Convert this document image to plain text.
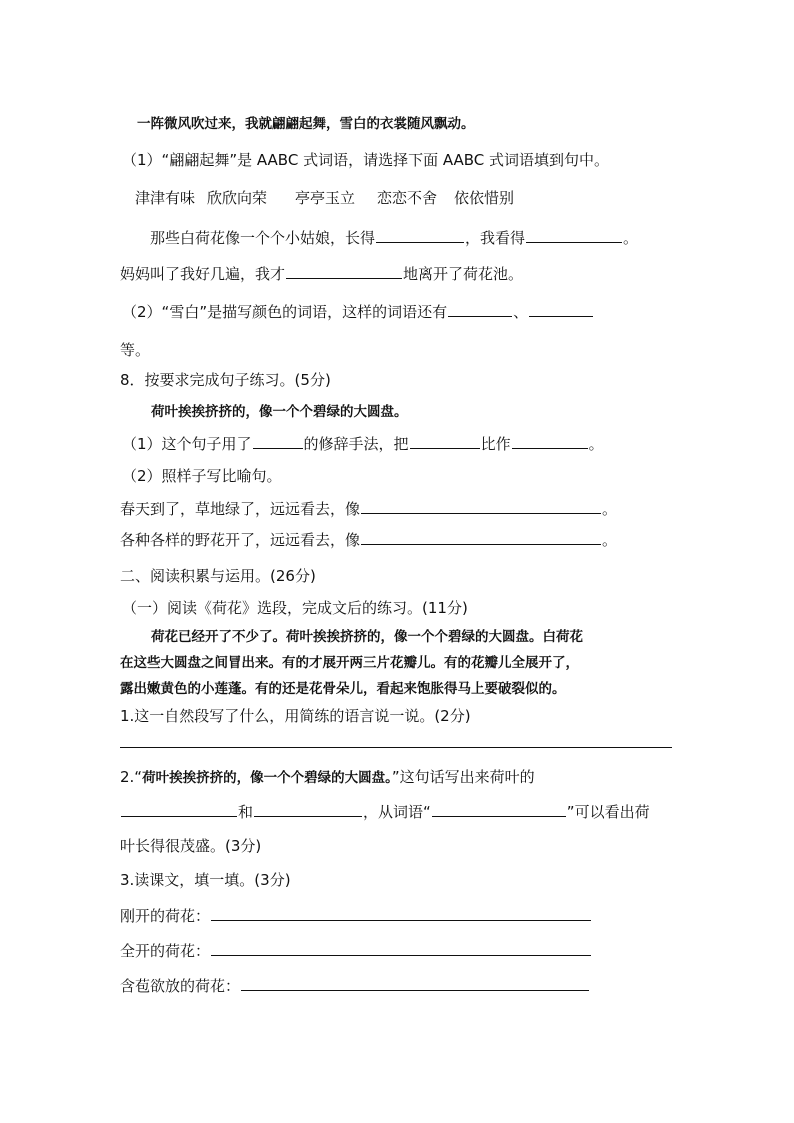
一阵微风吹过来，我就翩翩起舞，雪白的衣裳随风飘动。
（1）“翩翩起舞”是 AABC 式词语，请选择下面 AABC 式词语填到句中。
津津有味 欣欣向荣 亭亭玉立 恋恋不舍 依依惜别
那些白荷花像一个个小姑娘，长得	，我看得	。
妈妈叫了我好几遍，我才	地离开了荷花池。
（2）“雪白”是描写颜色的词语，这样的词语还有	、
等。
8．按要求完成句子练习。(5分)
荷叶挨挨挤挤的，像一个个碧绿的大圆盘。
（1）这个句子用了	的修辞手法，把	比作	。
（2）照样子写比喻句。
春天到了，草地绿了，远远看去，像	。
各种各样的野花开了，远远看去，像	。
二、阅读积累与运用。(26分)
（一）阅读《荷花》选段，完成文后的练习。(11分)
荷花已经开了不少了。荷叶挨挨挤挤的，像一个个碧绿的大圆盘。白荷花
在这些大圆盘之间冒出来。有的才展开两三片花瓣儿。有的花瓣儿全展开了，
露出嫩黄色的小莲蓬。有的还是花骨朵儿，看起来饱胀得马上要破裂似的。
1.这一自然段写了什么，用简练的语言说一说。(2分)
2.“荷叶挨挨挤挤的，像一个个碧绿的大圆盘。”这句话写出来荷叶的
和	，从词语“	”可以看出荷
叶长得很茂盛。(3分)
3.读课文，填一填。(3分)
刚开的荷花：
全开的荷花：
含苞欲放的荷花：
